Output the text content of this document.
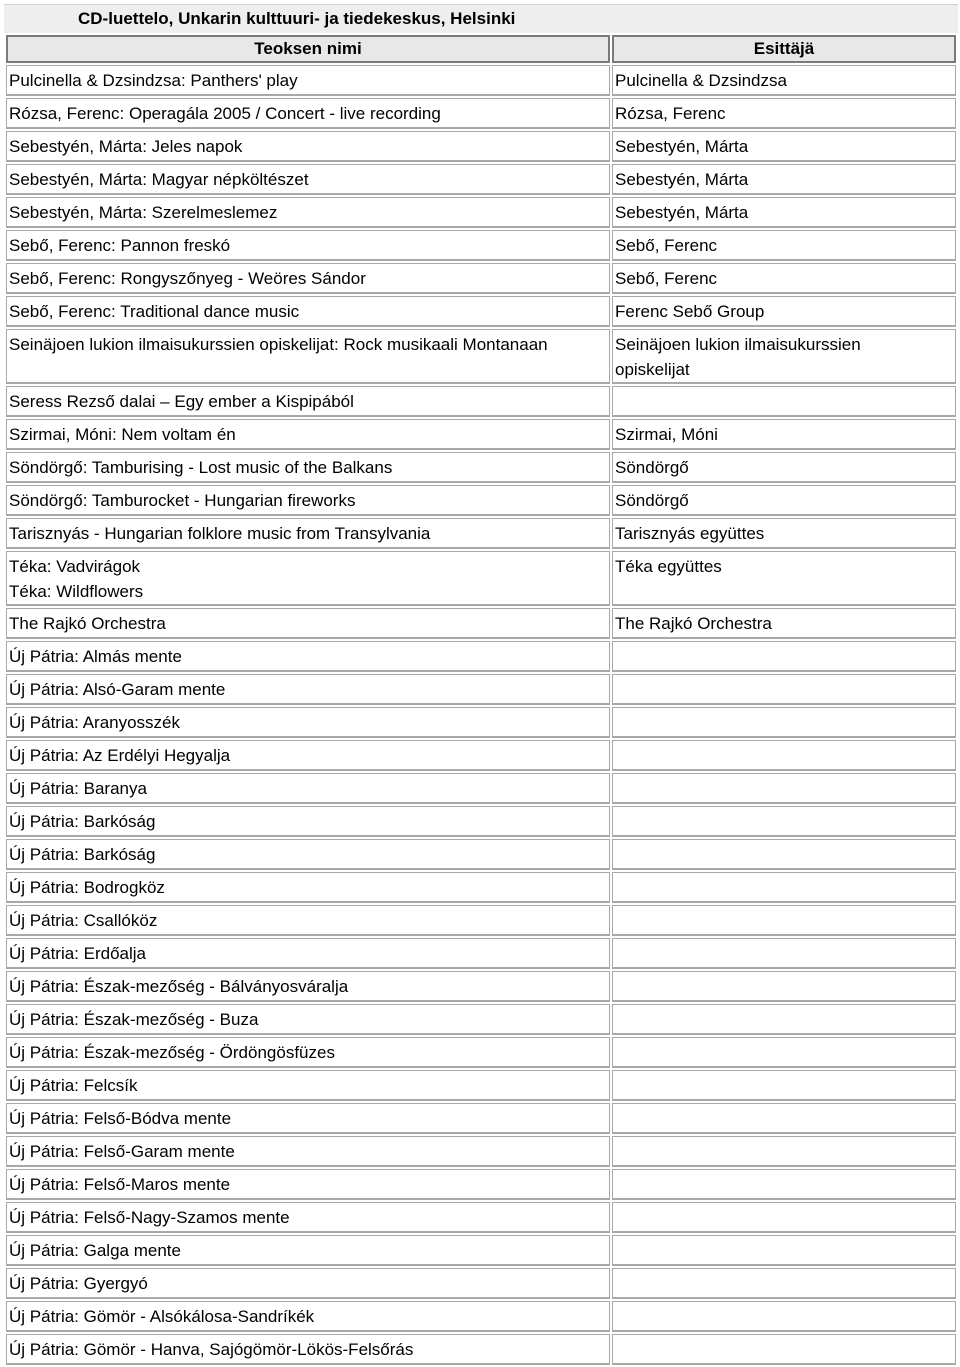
CD-luettelo, Unkarin kulttuuri- ja tiedekeskus, Helsinki
Teoksen nimi	Esittäjä
Pulcinella & Dzsindzsa: Panthers' play	Pulcinella & Dzsindzsa
Rózsa, Ferenc: Operagála 2005 / Concert - live recording	Rózsa, Ferenc
Sebestyén, Márta: Jeles napok	Sebestyén, Márta
Sebestyén, Márta: Magyar népköltészet	Sebestyén, Márta
Sebestyén, Márta: Szerelmeslemez	Sebestyén, Márta
Sebő, Ferenc: Pannon freskó	Sebő, Ferenc
Sebő, Ferenc: Rongyszőnyeg - Weöres Sándor	Sebő, Ferenc
Sebő, Ferenc: Traditional dance music	Ferenc Sebő Group
Seinäjoen lukion ilmaisukurssien opiskelijat: Rock musikaali Montanaan	Seinäjoen lukion ilmaisukurssien
opiskelijat
Seress Rezső dalai – Egy ember a Kispipából	
Szirmai, Móni: Nem voltam én	Szirmai, Móni
Söndörgő: Tamburising - Lost music of the Balkans	Söndörgő
Söndörgő: Tamburocket - Hungarian fireworks	Söndörgő
Tarisznyás - Hungarian folklore music from Transylvania	Tarisznyás együttes
Téka: Vadvirágok
Téka: Wildflowers	Téka együttes
The Rajkó Orchestra	The Rajkó Orchestra
Új Pátria: Almás mente	
Új Pátria: Alsó-Garam mente	
Új Pátria: Aranyosszék	
Új Pátria: Az Erdélyi Hegyalja	
Új Pátria: Baranya	
Új Pátria: Barkóság	
Új Pátria: Barkóság	
Új Pátria: Bodrogköz	
Új Pátria: Csallóköz	
Új Pátria: Erdőalja	
Új Pátria: Észak-mezőség - Bálványosváralja	
Új Pátria: Észak-mezőség - Buza	
Új Pátria: Észak-mezőség - Ördöngösfüzes	
Új Pátria: Felcsík	
Új Pátria: Felső-Bódva mente	
Új Pátria: Felső-Garam mente	
Új Pátria: Felső-Maros mente	
Új Pátria: Felső-Nagy-Szamos mente	
Új Pátria: Galga mente	
Új Pátria: Gyergyó	
Új Pátria: Gömör - Alsókálosa-Sandríkék	
Új Pátria: Gömör - Hanva, Sajógömör-Lökös-Felsőrás	
